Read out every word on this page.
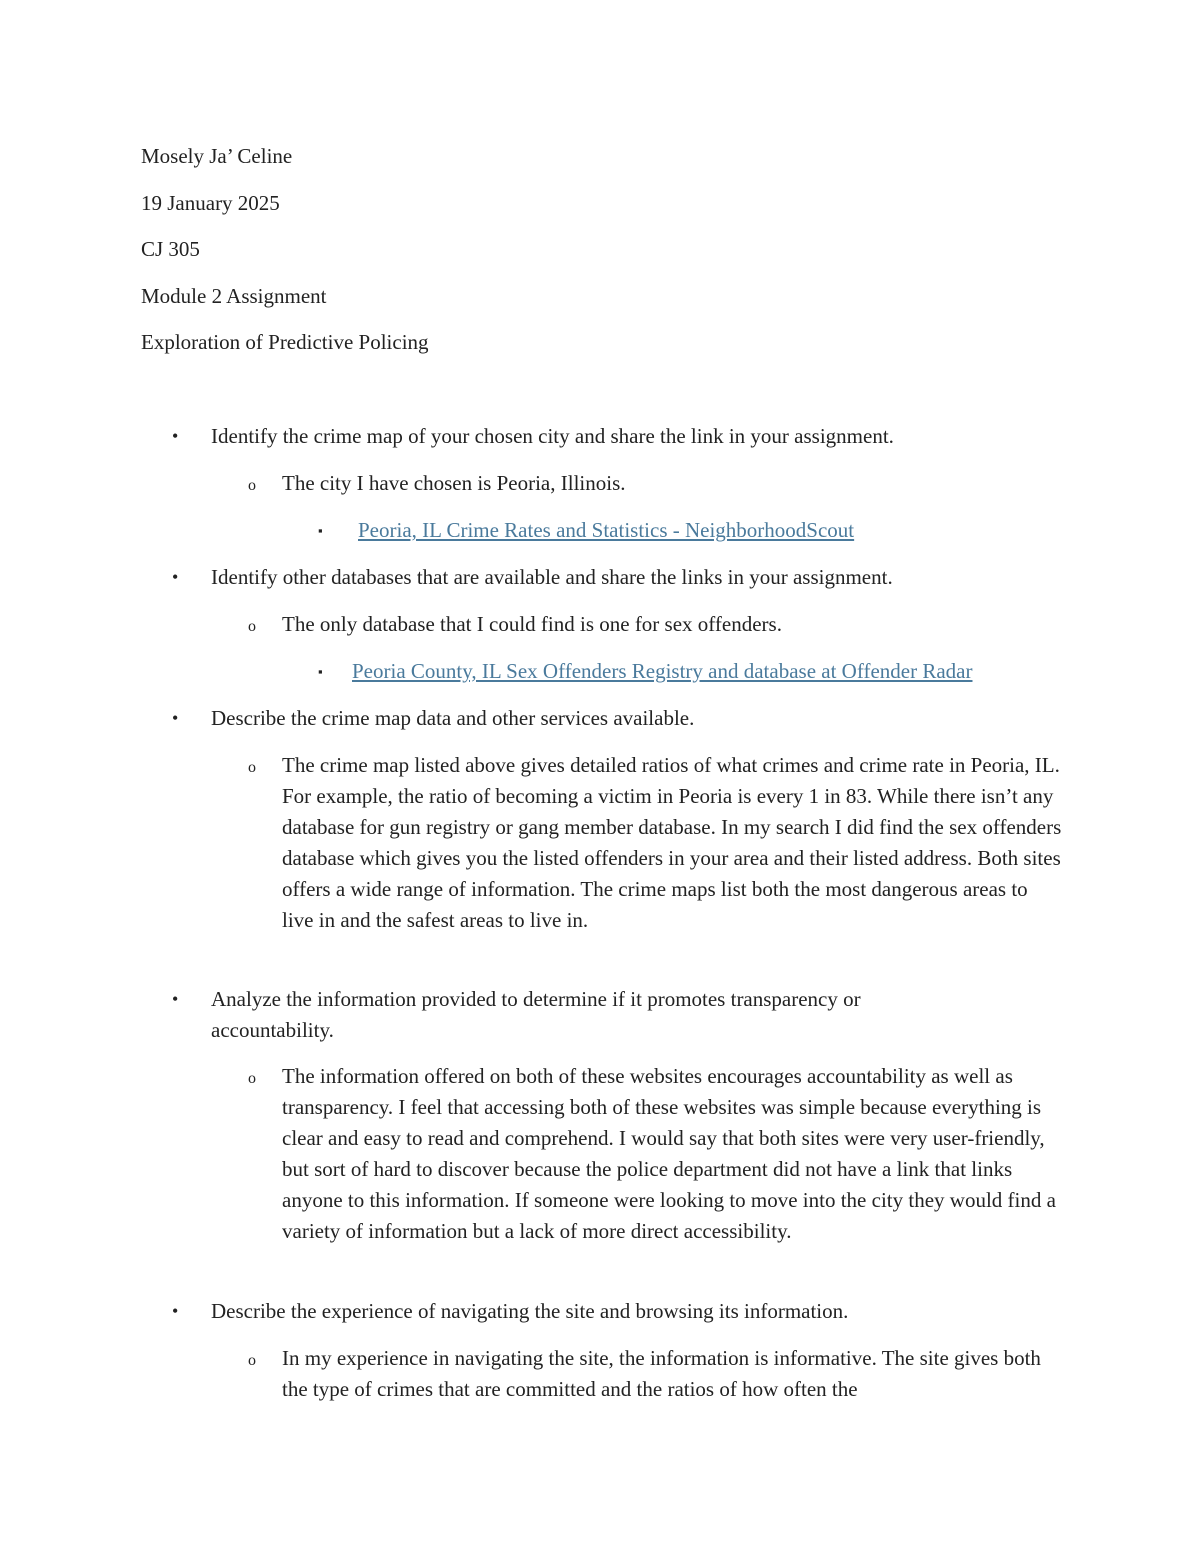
Mosely Ja’ Celine
19 January 2025
CJ 305
Module 2 Assignment
Exploration of Predictive Policing
• Identify the crime map of your chosen city and share the link in your assignment.
o The city I have chosen is Peoria, Illinois.
▪ Peoria, IL Crime Rates and Statistics - NeighborhoodScout
• Identify other databases that are available and share the links in your assignment.
o The only database that I could find is one for sex offenders.
▪ Peoria County, IL Sex Offenders Registry and database at Offender Radar
• Describe the crime map data and other services available.
o The crime map listed above gives detailed ratios of what crimes and crime rate in Peoria, IL. For example, the ratio of becoming a victim in Peoria is every 1 in 83. While there isn’t any database for gun registry or gang member database. In my search I did find the sex offenders database which gives you the listed offenders in your area and their listed address. Both sites offers a wide range of information. The crime maps list both the most dangerous areas to live in and the safest areas to live in.
• Analyze the information provided to determine if it promotes transparency or accountability.
o The information offered on both of these websites encourages accountability as well as transparency. I feel that accessing both of these websites was simple because everything is clear and easy to read and comprehend. I would say that both sites were very user-friendly, but sort of hard to discover because the police department did not have a link that links anyone to this information. If someone were looking to move into the city they would find a variety of information but a lack of more direct accessibility.
• Describe the experience of navigating the site and browsing its information.
o In my experience in navigating the site, the information is informative. The site gives both the type of crimes that are committed and the ratios of how often the
